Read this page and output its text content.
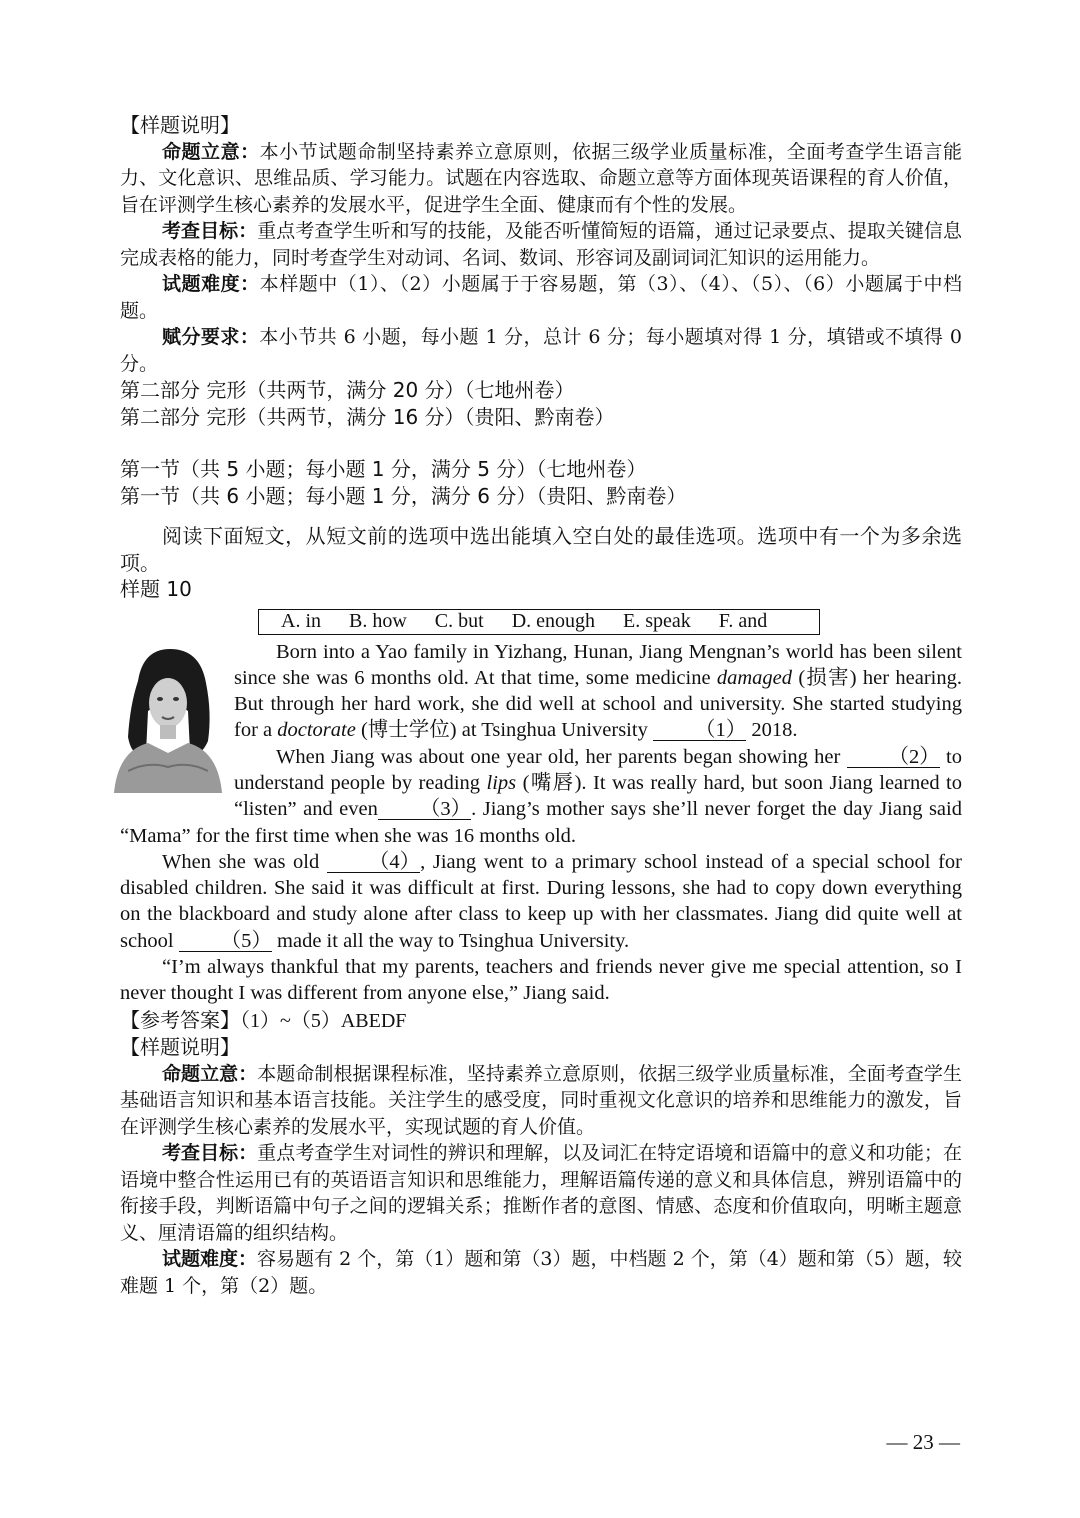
【样题说明】

命题立意：本小节试题命制坚持素养立意原则，依据三级学业质量标准，全面考查学生语言能力、文化意识、思维品质、学习能力。试题在内容选取、命题立意等方面体现英语课程的育人价值，旨在评测学生核心素养的发展水平，促进学生全面、健康而有个性的发展。

考查目标：重点考查学生听和写的技能，及能否听懂简短的语篇，通过记录要点、提取关键信息完成表格的能力，同时考查学生对动词、名词、数词、形容词及副词词汇知识的运用能力。

试题难度：本样题中（1）、（2）小题属于于容易题，第（3）、（4）、（5）、（6）小题属于中档题。

赋分要求：本小节共 6 小题，每小题 1 分，总计 6 分；每小题填对得 1 分，填错或不填得 0 分。

第二部分 完形（共两节，满分 20 分）（七地州卷）
第二部分 完形（共两节，满分 16 分）（贵阳、黔南卷）
第一节（共 5 小题；每小题 1 分，满分 5 分）（七地州卷）
第一节（共 6 小题；每小题 1 分，满分 6 分）（贵阳、黔南卷）

阅读下面短文，从短文前的选项中选出能填入空白处的最佳选项。选项中有一个为多余选项。

样题 10
A. in B. how C. but D. enough E. speak F. and

Born into a Yao family in Yizhang, Hunan, Jiang Mengnan’s world has been silent since she was 6 months old. At that time, some medicine damaged (损害) her hearing. But through her hard work, she did well at school and university. She started studying for a doctorate (博士学位) at Tsinghua University （1） 2018.

When Jiang was about one year old, her parents began showing her （2） to understand people by reading lips (嘴唇). It was really hard, but soon Jiang learned to “listen” and even （3）. Jiang’s mother says she’ll never forget the day Jiang said “Mama” for the first time when she was 16 months old.

When she was old （4）, Jiang went to a primary school instead of a special school for disabled children. She said it was difficult at first. During lessons, she had to copy down everything on the blackboard and study alone after class to keep up with her classmates. Jiang did quite well at school （5） made it all the way to Tsinghua University.

“I’m always thankful that my parents, teachers and friends never give me special attention, so I never thought I was different from anyone else,” Jiang said.

【参考答案】（1）~（5）ABEDF
【样题说明】

命题立意：本题命制根据课程标准，坚持素养立意原则，依据三级学业质量标准，全面考查学生基础语言知识和基本语言技能。关注学生的感受度，同时重视文化意识的培养和思维能力的激发，旨在评测学生核心素养的发展水平，实现试题的育人价值。

考查目标：重点考查学生对词性的辨识和理解，以及词汇在特定语境和语篇中的意义和功能；在语境中整合性运用已有的英语语言知识和思维能力，理解语篇传递的意义和具体信息，辨别语篇中的衔接手段，判断语篇中句子之间的逻辑关系；推断作者的意图、情感、态度和价值取向，明晰主题意义、厘清语篇的组织结构。

试题难度：容易题有 2 个，第（1）题和第（3）题，中档题 2 个，第（4）题和第（5）题，较难题 1 个，第（2）题。

— 23 —
